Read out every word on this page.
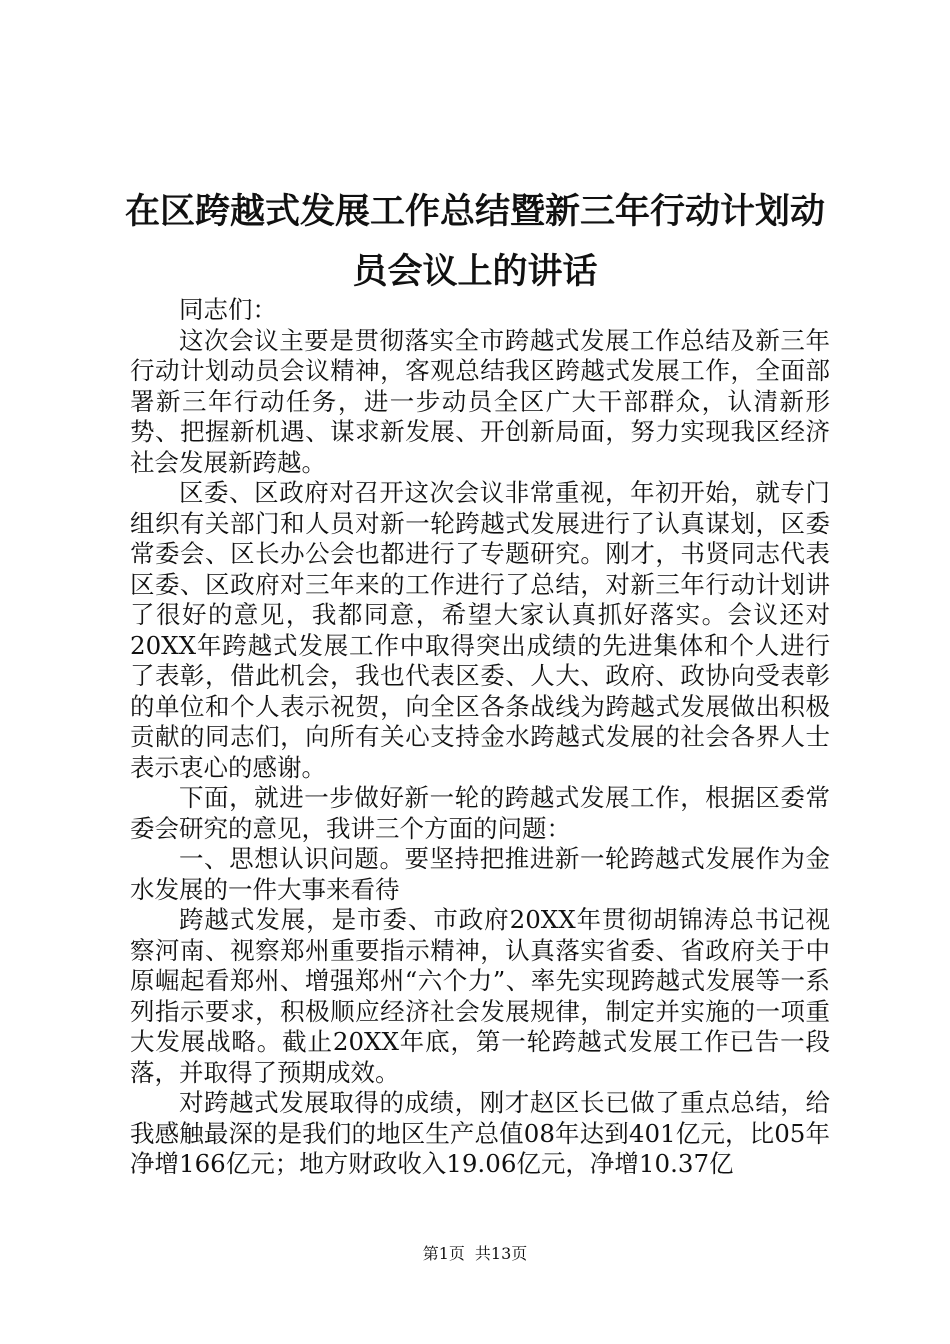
在区跨越式发展工作总结暨新三年行动计划动员会议上的讲话

同志们：

这次会议主要是贯彻落实全市跨越式发展工作总结及新三年行动计划动员会议精神，客观总结我区跨越式发展工作，全面部署新三年行动任务，进一步动员全区广大干部群众，认清新形势、把握新机遇、谋求新发展、开创新局面，努力实现我区经济社会发展新跨越。

区委、区政府对召开这次会议非常重视，年初开始，就专门组织有关部门和人员对新一轮跨越式发展进行了认真谋划，区委常委会、区长办公会也都进行了专题研究。刚才，书贤同志代表区委、区政府对三年来的工作进行了总结，对新三年行动计划讲了很好的意见，我都同意，希望大家认真抓好落实。会议还对20XX年跨越式发展工作中取得突出成绩的先进集体和个人进行了表彰，借此机会，我也代表区委、人大、政府、政协向受表彰的单位和个人表示祝贺，向全区各条战线为跨越式发展做出积极贡献的同志们，向所有关心支持金水跨越式发展的社会各界人士表示衷心的感谢。

下面，就进一步做好新一轮的跨越式发展工作，根据区委常委会研究的意见，我讲三个方面的问题：

一、思想认识问题。要坚持把推进新一轮跨越式发展作为金水发展的一件大事来看待

跨越式发展，是市委、市政府20XX年贯彻胡锦涛总书记视察河南、视察郑州重要指示精神，认真落实省委、省政府关于中原崛起看郑州、增强郑州“六个力”、率先实现跨越式发展等一系列指示要求，积极顺应经济社会发展规律，制定并实施的一项重大发展战略。截止20XX年底，第一轮跨越式发展工作已告一段落，并取得了预期成效。

对跨越式发展取得的成绩，刚才赵区长已做了重点总结，给我感触最深的是我们的地区生产总值08年达到401亿元，比05年净增166亿元；地方财政收入19.06亿元，净增10.37亿

第1页 共13页
